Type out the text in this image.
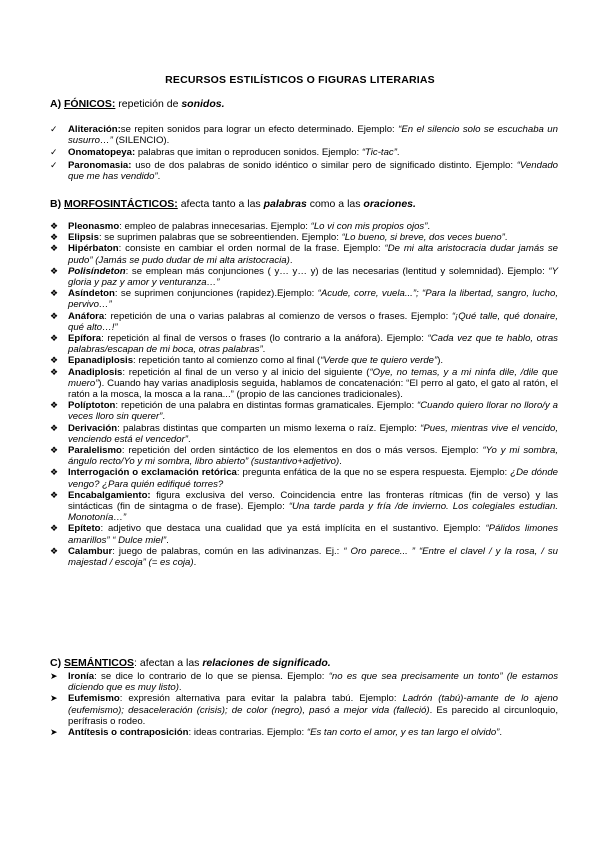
RECURSOS ESTILÍSTICOS O FIGURAS LITERARIAS
A) FÓNICOS: repetición de sonidos.
✓ Aliteración:se repiten sonidos para lograr un efecto determinado. Ejemplo: “En el silencio solo se escuchaba un susurro…” (SILENCIO).
✓ Onomatopeya: palabras que imitan o reproducen sonidos. Ejemplo: “Tic-tac”.
✓ Paronomasia: uso de dos palabras de sonido idéntico o similar pero de significado distinto. Ejemplo: “Vendado que me has vendido”.
B) MORFOSINTÁCTICOS: afecta tanto a las palabras como a las oraciones.
❖ Pleonasmo: empleo de palabras innecesarias. Ejemplo: “Lo vi con mis propios ojos”.
❖ Elipsis: se suprimen palabras que se sobreentienden. Ejemplo: “Lo bueno, si breve, dos veces bueno”.
❖ Hipérbaton: consiste en cambiar el orden normal de la frase. Ejemplo: “De mi alta aristocracia dudar jamás se pudo” (Jamás se pudo dudar de mi alta aristocracia).
❖ Polisíndeton: se emplean más conjunciones ( y… y… y) de las necesarias (lentitud y solemnidad). Ejemplo: “Y gloria y paz y amor y venturanza…”
❖ Asíndeton: se suprimen conjunciones (rapidez).Ejemplo: “Acude, corre, vuela...”; “Para la libertad, sangro, lucho, pervivo…”
❖ Anáfora: repetición de una o varias palabras al comienzo de versos o frases. Ejemplo: “¡Qué talle, qué donaire, qué alto…!”
❖ Epífora: repetición al final de versos o frases (lo contrario a la anáfora). Ejemplo: “Cada vez que te hablo, otras palabras/escapan de mi boca, otras palabras”.
❖ Epanadiplosis: repetición tanto al comienzo como al final (“Verde que te quiero verde”).
❖ Anadiplosis: repetición al final de un verso y al inicio del siguiente (“Oye, no temas, y a mi ninfa dile, /dile que muero”). Cuando hay varias anadiplosis seguida, hablamos de concatenación: “El perro al gato, el gato al ratón, el ratón a la mosca, la mosca a la rana...” (propio de las canciones tradicionales).
❖ Políptoton: repetición de una palabra en distintas formas gramaticales. Ejemplo: “Cuando quiero llorar no lloro/y a veces lloro sin querer”.
❖ Derivación: palabras distintas que comparten un mismo lexema o raíz. Ejemplo: “Pues, mientras vive el vencido, venciendo está el vencedor”.
❖ Paralelismo: repetición del orden sintáctico de los elementos en dos o más versos. Ejemplo: “Yo y mi sombra, ángulo recto/Yo y mi sombra, libro abierto” (sustantivo+adjetivo).
❖ Interrogación o exclamación retórica: pregunta enfática de la que no se espera respuesta. Ejemplo: ¿De dónde vengo? ¿Para quién edifiqué torres?
❖ Encabalgamiento: figura exclusiva del verso. Coincidencia entre las fronteras rítmicas (fin de verso) y las sintácticas (fin de sintagma o de frase). Ejemplo: “Una tarde parda y fría /de invierno. Los colegiales estudian. Monotonía…”
❖ Epíteto: adjetivo que destaca una cualidad que ya está implícita en el sustantivo. Ejemplo: “Pálidos limones amarillos” “ Dulce miel”.
❖ Calambur: juego de palabras, común en las adivinanzas. Ej.: “ Oro parece... ” “Entre el clavel / y la rosa, / su majestad / escoja” (= es coja).
C) SEMÁNTICOS: afectan a las relaciones de significado.
➤ Ironía: se dice lo contrario de lo que se piensa. Ejemplo: “no es que sea precisamente un tonto” (le estamos diciendo que es muy listo).
➤ Eufemismo: expresión alternativa para evitar la palabra tabú. Ejemplo: Ladrón (tabú)-amante de lo ajeno (eufemismo); desaceleración (crisis); de color (negro), pasó a mejor vida (falleció). Es parecido al circunloquio, perífrasis o rodeo.
➤ Antítesis o contraposición: ideas contrarias. Ejemplo: “Es tan corto el amor, y es tan largo el olvido”.
